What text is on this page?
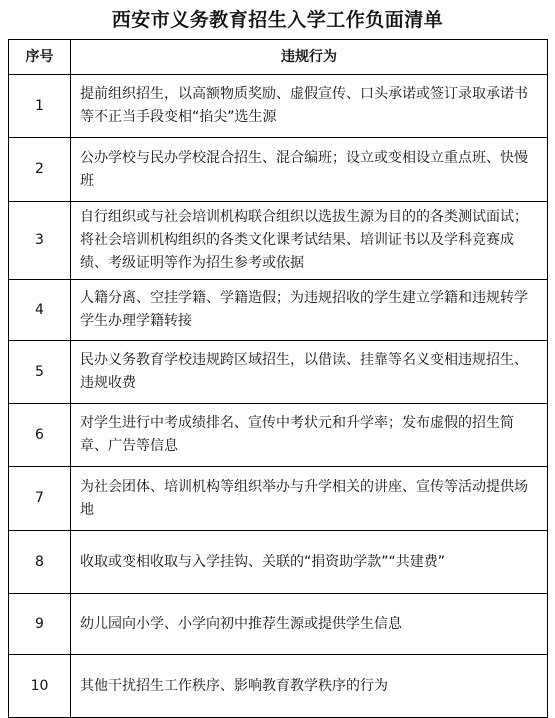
西安市义务教育招生入学工作负面清单
序号	违规行为
1	提前组织招生，以高额物质奖励、虚假宣传、口头承诺或签订录取承诺书等不正当手段变相“掐尖”选生源
2	公办学校与民办学校混合招生、混合编班；设立或变相设立重点班、快慢班
3	自行组织或与社会培训机构联合组织以选拔生源为目的的各类测试面试；将社会培训机构组织的各类文化课考试结果、培训证书以及学科竞赛成绩、考级证明等作为招生参考或依据
4	人籍分离、空挂学籍、学籍造假；为违规招收的学生建立学籍和违规转学学生办理学籍转接
5	民办义务教育学校违规跨区域招生，以借读、挂靠等名义变相违规招生、违规收费
6	对学生进行中考成绩排名、宣传中考状元和升学率；发布虚假的招生简章、广告等信息
7	为社会团体、培训机构等组织举办与升学相关的讲座、宣传等活动提供场地
8	收取或变相收取与入学挂钩、关联的“捐资助学款”“共建费”
9	幼儿园向小学、小学向初中推荐生源或提供学生信息
10	其他干扰招生工作秩序、影响教育教学秩序的行为
